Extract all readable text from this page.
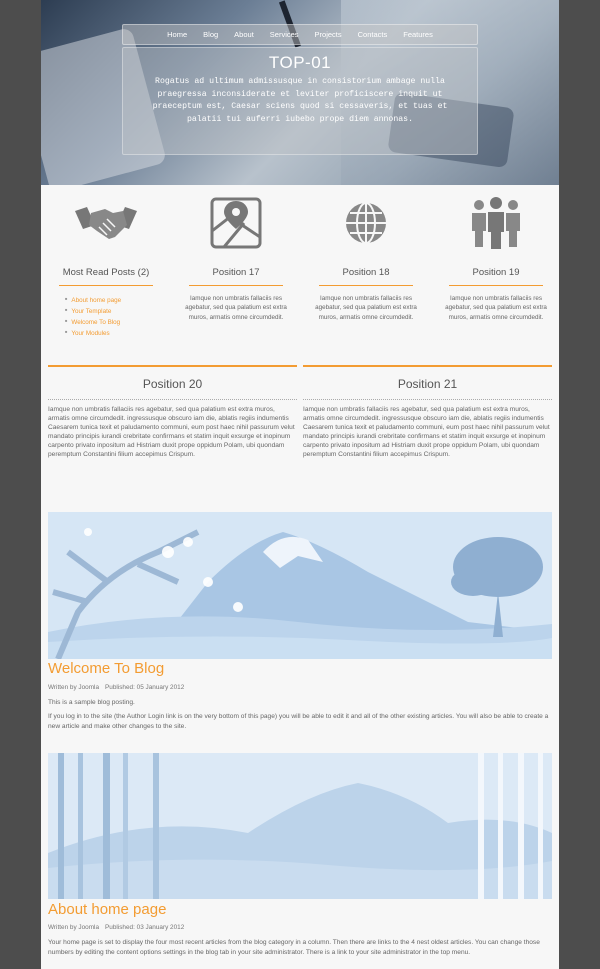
Home	Blog	About	Services	Projects	Contacts	Features
TOP-01

Rogatus ad ultimum admissusque in consistorium ambage nulla praegressa inconsiderate et leviter proficiscere inquit ut praeceptum est, Caesar sciens quod si cessaveris, et tuas et palatii tui auferri iubebo prope diem annonas.

Most Read Posts (2)
■ About home page
■ Your Template
■ Welcome To Blog
■ Your Modules
Position 17

Iamque non umbratis fallaciis res agebatur, sed qua palatium est extra muros, armatis omne circumdedit.

Position 18

Iamque non umbratis fallaciis res agebatur, sed qua palatium est extra muros, armatis omne circumdedit.

Position 19

Iamque non umbratis fallaciis res agebatur, sed qua palatium est extra muros, armatis omne circumdedit.

Position 20

Iamque non umbratis fallaciis res agebatur, sed qua palatium est extra muros, armatis omne circumdedit. ingressusque obscuro iam die, ablatis regiis indumentis Caesarem tunica texit et paludamento communi, eum post haec nihil passurum velut mandato principis iurandi crebritate confirmans et statim inquit exsurge et inopinum carpento privato inpositum ad Histriam duxit prope oppidum Polam, ubi quondam peremptum Constantini filium accepimus Crispum.

Position 21

Iamque non umbratis fallaciis res agebatur, sed qua palatium est extra muros, armatis omne circumdedit. ingressusque obscuro iam die, ablatis regiis indumentis Caesarem tunica texit et paludamento communi, eum post haec nihil passurum velut mandato principis iurandi crebritate confirmans et statim inquit exsurge et inopinum carpento privato inpositum ad Histriam duxit prope oppidum Polam, ubi quondam peremptum Constantini filium accepimus Crispum.

Welcome To Blog
Written by Joomla Published: 05 January 2012

This is a sample blog posting.

If you log in to the site (the Author Login link is on the very bottom of this page) you will be able to edit it and all of the other existing articles. You will also be able to create a new article and make other changes to the site.

About home page
Written by Joomla Published: 03 January 2012

Your home page is set to display the four most recent articles from the blog category in a column. Then there are links to the 4 nest oldest articles. You can change those numbers by editing the content options settings in the blog tab in your site administrator. There is a link to your site administrator in the top menu.
